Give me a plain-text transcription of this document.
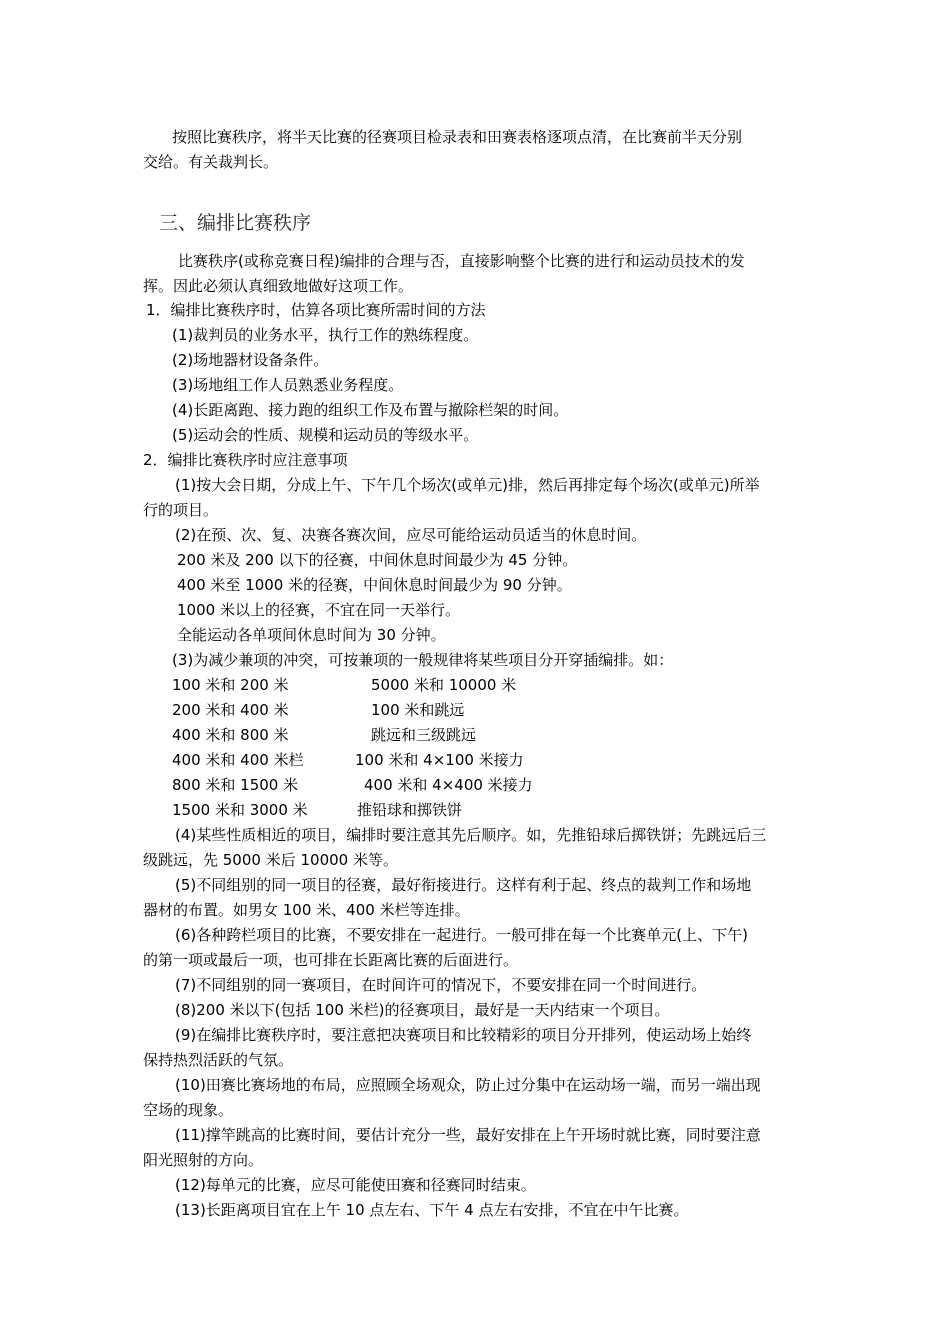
按照比赛秩序，将半天比赛的径赛项目检录表和田赛表格逐项点清，在比赛前半天分别
交给。有关裁判长。
三、编排比赛秩序
比赛秩序(或称竞赛日程)编排的合理与否，直接影响整个比赛的进行和运动员技术的发
挥。因此必须认真细致地做好这项工作。
1．编排比赛秩序时，估算各项比赛所需时间的方法
(1)裁判员的业务水平，执行工作的熟练程度。
(2)场地器材设备条件。
(3)场地组工作人员熟悉业务程度。
(4)长距离跑、接力跑的组织工作及布置与撤除栏架的时间。
(5)运动会的性质、规模和运动员的等级水平。
2．编排比赛秩序时应注意事项
(1)按大会日期，分成上午、下午几个场次(或单元)排，然后再排定每个场次(或单元)所举
行的项目。
(2)在预、次、复、决赛各赛次间，应尽可能给运动员适当的休息时间。
200 米及 200 以下的径赛，中间休息时间最少为 45 分钟。
400 米至 1000 米的径赛，中间休息时间最少为 90 分钟。
1000 米以上的径赛，不宜在同一天举行。
全能运动各单项间休息时间为 30 分钟。
(3)为减少兼项的冲突，可按兼项的一般规律将某些项目分开穿插编排。如：
100 米和 200 米	5000 米和 10000 米
200 米和 400 米	100 米和跳远
400 米和 800 米	跳远和三级跳远
400 米和 400 米栏	100 米和 4×100 米接力
800 米和 1500 米	400 米和 4×400 米接力
1500 米和 3000 米	推铅球和掷铁饼
(4)某些性质相近的项目，编排时要注意其先后顺序。如，先推铅球后掷铁饼；先跳远后三
级跳远，先 5000 米后 10000 米等。
(5)不同组别的同一项目的径赛，最好衔接进行。这样有利于起、终点的裁判工作和场地
器材的布置。如男女 100 米、400 米栏等连排。
(6)各种跨栏项目的比赛，不要安排在一起进行。一般可排在每一个比赛单元(上、下午)
的第一项或最后一项，也可排在长距离比赛的后面进行。
(7)不同组别的同一赛项目，在时间许可的情况下，不要安排在同一个时间进行。
(8)200 米以下(包括 100 米栏)的径赛项目，最好是一天内结束一个项目。
(9)在编排比赛秩序时，要注意把决赛项目和比较精彩的项目分开排列，使运动场上始终
保持热烈活跃的气氛。
(10)田赛比赛场地的布局，应照顾全场观众，防止过分集中在运动场一端，而另一端出现
空场的现象。
(11)撑竿跳高的比赛时间，要估计充分一些，最好安排在上午开场时就比赛，同时要注意
阳光照射的方向。
(12)每单元的比赛，应尽可能使田赛和径赛同时结束。
(13)长距离项目宜在上午 10 点左右、下午 4 点左右安排，不宜在中午比赛。
